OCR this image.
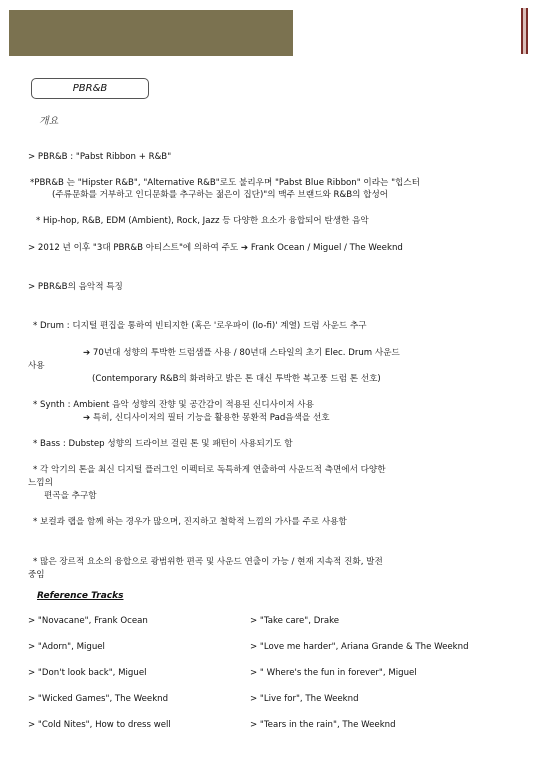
PBR&B
개요
> PBR&B : "Pabst Ribbon + R&B"
*PBR&B 는 "Hipster R&B", "Alternative R&B"로도 불리우며 "Pabst Blue Ribbon" 이라는 "힙스터
(주류문화를 거부하고 인디문화를 추구하는 젊은이 집단)"의 맥주 브랜드와 R&B의 합성어
* Hip-hop, R&B, EDM (Ambient), Rock, Jazz 등 다양한 요소가 융합되어 탄생한 음악
> 2012 년 이후 "3대 PBR&B 아티스트"에 의하여 주도 ➔ Frank Ocean / Miguel / The Weeknd
> PBR&B의 음악적 특징
* Drum : 디지털 편집을 통하여 빈티지한 (혹은 '로우파이 (lo-fi)' 계열) 드럼 사운드 추구
➔ 70년대 성향의 투박한 드럼샘플 사용 / 80년대 스타일의 초기 Elec. Drum 사운드
사용
(Contemporary R&B의 화려하고 밝은 톤 대신 투박한 복고풍 드럼 톤 선호)
* Synth : Ambient 음악 성향의 잔향 및 공간감이 적용된 신디사이저 사용
➔ 특히, 신디사이저의 필터 기능을 활용한 몽환적 Pad음색을 선호
* Bass : Dubstep 성향의 드라이브 걸린 톤 및 패턴이 사용되기도 함
* 각 악기의 톤을 최신 디지털 플러그인 이펙터로 독특하게 연출하여 사운드적 측면에서 다양한
느낌의
편곡을 추구함
* 보컬과 랩을 함께 하는 경우가 많으며, 진지하고 철학적 느낌의 가사를 주로 사용함
* 많은 장르적 요소의 융합으로 광범위한 편곡 및 사운드 연출이 가능 / 현재 지속적 진화, 발전
중임
Reference Tracks
> "Novacane", Frank Ocean
> "Adorn", Miguel
> "Don't look back", Miguel
> "Wicked Games", The Weeknd
> "Cold Nites", How to dress well
> "Take care", Drake
> "Love me harder", Ariana Grande & The Weeknd
> " Where's the fun in forever", Miguel
> "Live for", The Weeknd
> "Tears in the rain", The Weeknd
